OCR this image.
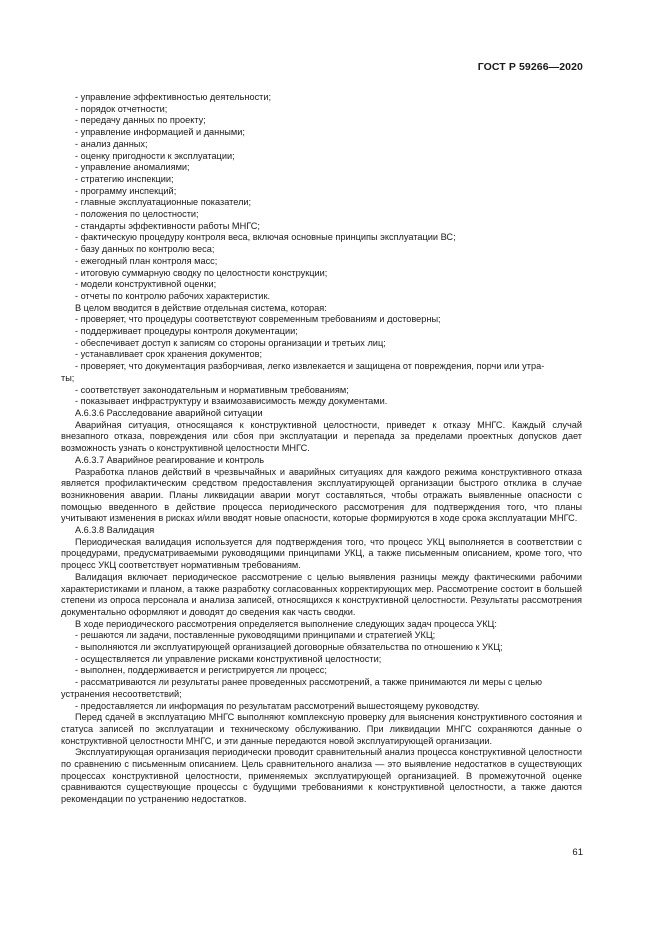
ГОСТ Р 59266—2020
- управление эффективностью деятельности;
- порядок отчетности;
- передачу данных по проекту;
- управление информацией и данными;
- анализ данных;
- оценку пригодности к эксплуатации;
- управление аномалиями;
- стратегию инспекции;
- программу инспекций;
- главные эксплуатационные показатели;
- положения по целостности;
- стандарты эффективности работы МНГС;
- фактическую процедуру контроля веса, включая основные принципы эксплуатации ВС;
- базу данных по контролю веса;
- ежегодный план контроля масс;
- итоговую суммарную сводку по целостности конструкции;
- модели конструктивной оценки;
- отчеты по контролю рабочих характеристик.
В целом вводится в действие отдельная система, которая:
- проверяет, что процедуры соответствуют современным требованиям и достоверны;
- поддерживает процедуры контроля документации;
- обеспечивает доступ к записям со стороны организации и третьих лиц;
- устанавливает срок хранения документов;
- проверяет, что документация разборчивая, легко извлекается и защищена от повреждения, порчи или утра-
ты;
- соответствует законодательным и нормативным требованиям;
- показывает инфраструктуру и взаимозависимость между документами.
А.6.3.6 Расследование аварийной ситуации

Аварийная ситуация, относящаяся к конструктивной целостности, приведет к отказу МНГС. Каждый случай внезапного отказа, повреждения или сбоя при эксплуатации и перепада за пределами проектных допусков дает возможность узнать о конструктивной целостности МНГС.

А.6.3.7 Аварийное реагирование и контроль

Разработка планов действий в чрезвычайных и аварийных ситуациях для каждого режима конструктивного отказа является профилактическим средством предоставления эксплуатирующей организации быстрого отклика в случае возникновения аварии. Планы ликвидации аварии могут составляться, чтобы отражать выявленные опасности с помощью введенного в действие процесса периодического рассмотрения для подтверждения того, что планы учитывают изменения в рисках и/или вводят новые опасности, которые формируются в ходе срока эксплуатации МНГС.

А.6.3.8 Валидация

Периодическая валидация используется для подтверждения того, что процесс УКЦ выполняется в соответствии с процедурами, предусматриваемыми руководящими принципами УКЦ, а также письменным описанием, кроме того, что процесс УКЦ соответствует нормативным требованиям.

Валидация включает периодическое рассмотрение с целью выявления разницы между фактическими рабочими характеристиками и планом, а также разработку согласованных корректирующих мер. Рассмотрение состоит в большей степени из опроса персонала и анализа записей, относящихся к конструктивной целостности. Результаты рассмотрения документально оформляют и доводят до сведения как часть сводки.

В ходе периодического рассмотрения определяется выполнение следующих задач процесса УКЦ:
- решаются ли задачи, поставленные руководящими принципами и стратегией УКЦ;
- выполняются ли эксплуатирующей организацией договорные обязательства по отношению к УКЦ;
- осуществляется ли управление рисками конструктивной целостности;
- выполнен, поддерживается и регистрируется ли процесс;
- рассматриваются ли результаты ранее проведенных рассмотрений, а также принимаются ли меры с целью
устранения несоответствий;
- предоставляется ли информация по результатам рассмотрений вышестоящему руководству.

Перед сдачей в эксплуатацию МНГС выполняют комплексную проверку для выяснения конструктивного состояния и статуса записей по эксплуатации и техническому обслуживанию. При ликвидации МНГС сохраняются данные о конструктивной целостности МНГС, и эти данные передаются новой эксплуатирующей организации.

Эксплуатирующая организация периодически проводит сравнительный анализ процесса конструктивной целостности по сравнению с письменным описанием. Цель сравнительного анализа — это выявление недостатков в существующих процессах конструктивной целостности, применяемых эксплуатирующей организацией. В промежуточной оценке сравниваются существующие процессы с будущими требованиями к конструктивной целостности, а также даются рекомендации по устранению недостатков.

61
